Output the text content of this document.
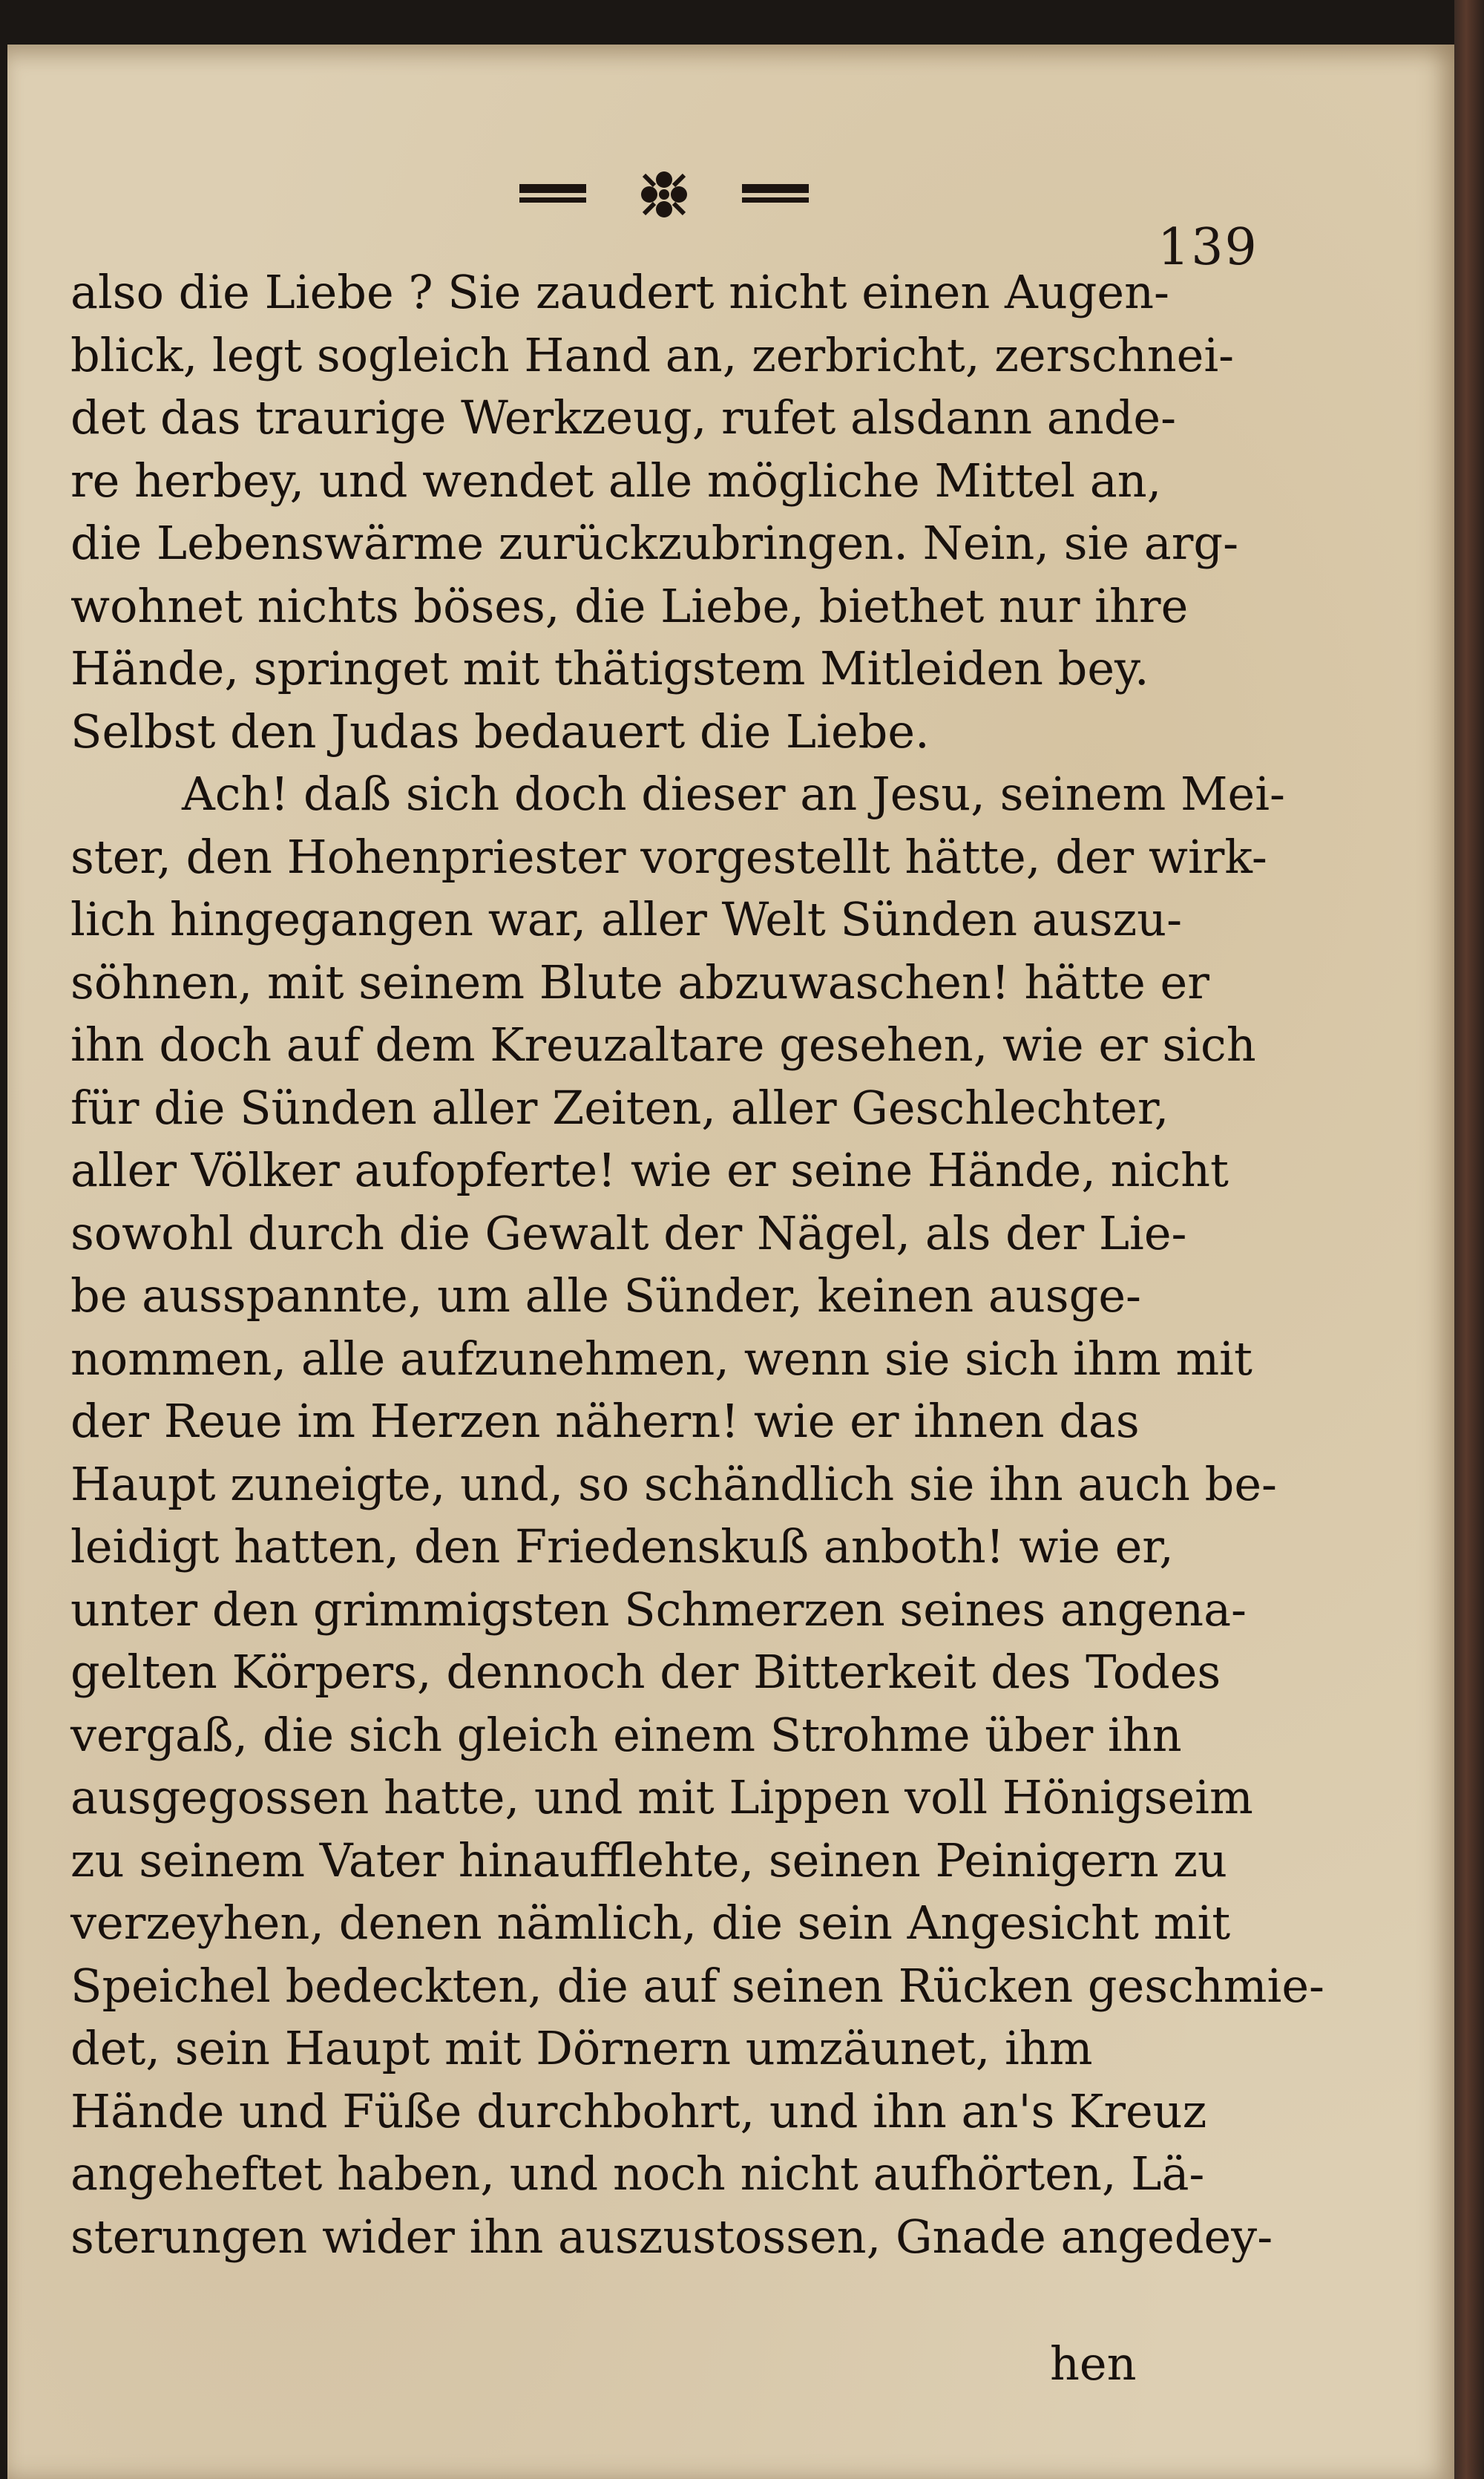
139
also die Liebe ? Sie zaudert nicht einen Augen-
blick, legt sogleich Hand an, zerbricht, zerschnei-
det das traurige Werkzeug, rufet alsdann ande-
re herbey, und wendet alle mögliche Mittel an,
die Lebenswärme zurückzubringen. Nein, sie arg-
wohnet nichts böses, die Liebe, biethet nur ihre
Hände, springet mit thätigstem Mitleiden bey.
Selbst den Judas bedauert die Liebe.
Ach! daß sich doch dieser an Jesu, seinem Mei-
ster, den Hohenpriester vorgestellt hätte, der wirk-
lich hingegangen war, aller Welt Sünden auszu-
söhnen, mit seinem Blute abzuwaschen! hätte er
ihn doch auf dem Kreuzaltare gesehen, wie er sich
für die Sünden aller Zeiten, aller Geschlechter,
aller Völker aufopferte! wie er seine Hände, nicht
sowohl durch die Gewalt der Nägel, als der Lie-
be ausspannte, um alle Sünder, keinen ausge-
nommen, alle aufzunehmen, wenn sie sich ihm mit
der Reue im Herzen nähern! wie er ihnen das
Haupt zuneigte, und, so schändlich sie ihn auch be-
leidigt hatten, den Friedenskuß anboth! wie er,
unter den grimmigsten Schmerzen seines angena-
gelten Körpers, dennoch der Bitterkeit des Todes
vergaß, die sich gleich einem Strohme über ihn
ausgegossen hatte, und mit Lippen voll Hönigseim
zu seinem Vater hinaufflehte, seinen Peinigern zu
verzeyhen, denen nämlich, die sein Angesicht mit
Speichel bedeckten, die auf seinen Rücken geschmie-
det, sein Haupt mit Dörnern umzäunet, ihm
Hände und Füße durchbohrt, und ihn an's Kreuz
angeheftet haben, und noch nicht aufhörten, Lä-
sterungen wider ihn auszustossen, Gnade angedey-
hen
